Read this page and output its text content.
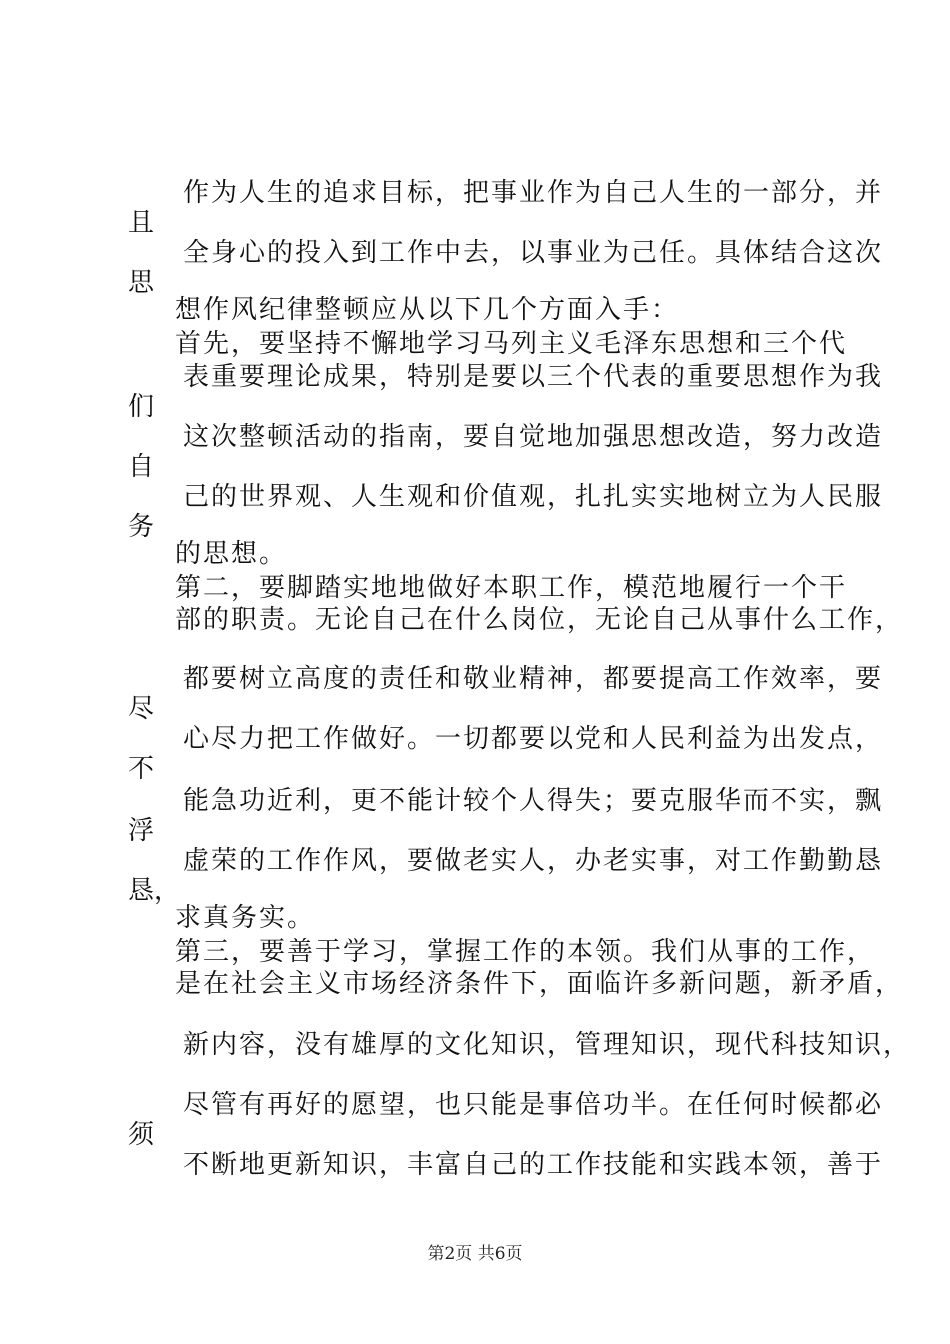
作为人生的追求目标，把事业作为自己人生的一部分，并
且
全身心的投入到工作中去，以事业为己任。具体结合这次
思
想作风纪律整顿应从以下几个方面入手：
首先，要坚持不懈地学习马列主义毛泽东思想和三个代
表重要理论成果，特别是要以三个代表的重要思想作为我
们
这次整顿活动的指南，要自觉地加强思想改造，努力改造
自
己的世界观、人生观和价值观，扎扎实实地树立为人民服
务
的思想。
第二，要脚踏实地地做好本职工作，模范地履行一个干
部的职责。无论自己在什么岗位，无论自己从事什么工作，
都要树立高度的责任和敬业精神，都要提高工作效率，要
尽
心尽力把工作做好。一切都要以党和人民利益为出发点，
不
能急功近利，更不能计较个人得失；要克服华而不实，飘
浮
虚荣的工作作风，要做老实人，办老实事，对工作勤勤恳
恳，
求真务实。
第三，要善于学习，掌握工作的本领。我们从事的工作，
是在社会主义市场经济条件下，面临许多新问题，新矛盾，
新内容，没有雄厚的文化知识，管理知识，现代科技知识，
尽管有再好的愿望，也只能是事倍功半。在任何时候都必
须
不断地更新知识，丰富自己的工作技能和实践本领，善于
第2页 共6页
